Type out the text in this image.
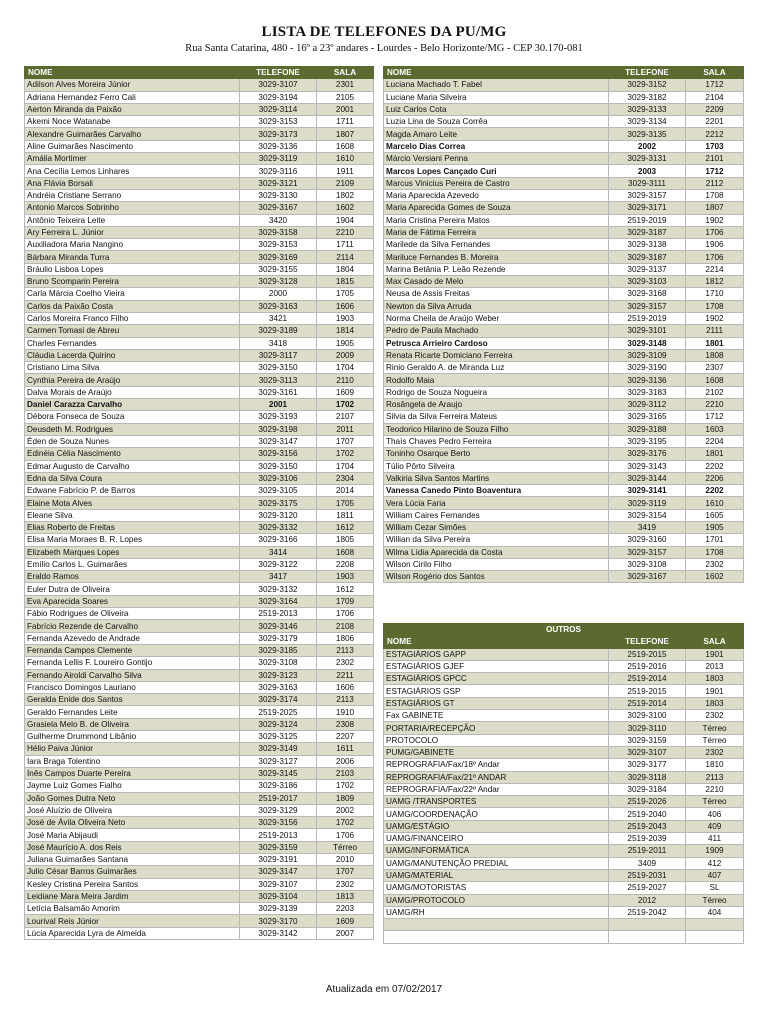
LISTA DE TELEFONES DA PU/MG
Rua Santa Catarina, 480 - 16º a 23º andares - Lourdes - Belo Horizonte/MG - CEP 30.170-081
NOME	TELEFONE	SALA
Adilson Alves Moreira Júnior	3029-3107	2301
Adriana Hernandez Ferro Cali	3029-3194	2105
Aerton Miranda da Paixão	3029-3114	2001
Akemi Noce Watanabe	3029-3153	1711
Alexandre Guimarães Carvalho	3029-3173	1807
Aline Guimarães Nascimento	3029-3136	1608
Amália Mortimer	3029-3119	1610
Ana Cecília Lemos Linhares	3029-3116	1911
Ana Flávia Borsali	3029-3121	2109
Andréia Cristiane Serrano	3029-3130	1802
Antonio Marcos Sobrinho	3029-3167	1602
Antônio Teixeira Leite	3420	1904
Ary Ferreira L. Júnior	3029-3158	2210
Auxiliadora Maria Nangino	3029-3153	1711
Bárbara Miranda Turra	3029-3169	2114
Bráulio Lisboa Lopes	3029-3155	1804
Bruno Scomparin Pereira	3029-3128	1815
Carla Márcia Coelho Vieira	2000	1705
Carlos da Paixão Costa	3029-3163	1606
Carlos Moreira Franco Filho	3421	1903
Carmen Tomasi de Abreu	3029-3189	1814
Charles Fernandes	3418	1905
Cláudia Lacerda Quirino	3029-3117	2009
Cristiano Lima Silva	3029-3150	1704
Cynthia Pereira de Araújo	3029-3113	2110
Dalva Morais de Araújo	3029-3161	1609
Daniel Carazza Carvalho	2001	1702
Débora Fonseca de Souza	3029-3193	2107
Deusdeth M. Rodrigues	3029-3198	2011
Éden de Souza Nunes	3029-3147	1707
Edinéia Célia Nascimento	3029-3156	1702
Edmar Augusto de Carvalho	3029-3150	1704
Edna da Silva Coura	3029-3106	2304
Edwane Fabrício P. de Barros	3029-3105	2014
Elaine Mota Alves	3029-3175	1705
Eleane Silva	3029-3120	1811
Elias Roberto de Freitas	3029-3132	1612
Elisa Maria Moraes B. R. Lopes	3029-3166	1805
Elizabeth Marques Lopes	3414	1608
Emílio Carlos L. Guimarães	3029-3122	2208
Eraldo Ramos	3417	1903
Euler Dutra de Oliveira	3029-3132	1612
Eva Aparecida Soares	3029-3164	1709
Fábio Rodrigues de Oliveira	2519-2013	1706
Fabrício Rezende de Carvalho	3029-3146	2108
Fernanda Azevedo de Andrade	3029-3179	1806
Fernanda Campos Clemente	3029-3185	2113
Fernanda Lellis F. Loureiro Gontijo	3029-3108	2302
Fernando Airoldi Carvalho Silva	3029-3123	2211
Francisco Domingos Lauriano	3029-3163	1606
Geralda Enide dos Santos	3029-3174	2113
Geraldo Fernandes Leite	2519-2025	1910
Grasiela Melo B. de Oliveira	3029-3124	2308
Guilherme Drummond Libânio	3029-3125	2207
Hélio Paiva Júnior	3029-3149	1611
Iara Braga Tolentino	3029-3127	2006
Inês Campos Duarte Pereira	3029-3145	2103
Jayme Luiz Gomes Fialho	3029-3186	1702
João Gomes Dutra Neto	2519-2017	1809
José Aluízio de Oliveira	3029-3129	2002
José de Ávila Oliveira Neto	3029-3156	1702
José Maria Abijaudi	2519-2013	1706
José Maurício A. dos Reis	3029-3159	Térreo
Juliana Guimarães Santana	3029-3191	2010
Julio César Barros Guimarães	3029-3147	1707
Kesley Cristina Pereira Santos	3029-3107	2302
Leidiane Mara Meira Jardim	3029-3104	1813
Letícia Balsamão Amorim	3029-3139	2203
Lourival Reis Júnior	3029-3170	1609
Lúcia Aparecida Lyra de Almeida	3029-3142	2007
NOME	TELEFONE	SALA
Luciana Machado T. Fabel	3029-3152	1712
Luciane Maria Silveira	3029-3182	2104
Luiz Carlos Cota	3029-3133	2209
Luzia Lina de Souza Corrêa	3029-3134	2201
Magda Amaro Leite	3029-3135	2212
Marcelo Dias Correa	2002	1703
Márcio Versiani Penna	3029-3131	2101
Marcos Lopes Cançado Curi	2003	1712
Marcus Vinicius Pereira de Castro	3029-3111	2112
Maria Aparecida Azevedo	3029-3157	1708
Maria Aparecida Gomes de Souza	3029-3171	1807
Maria Cristina Pereira Matos	2519-2019	1902
Maria de Fátima Ferreira	3029-3187	1706
Marilede da Silva Fernandes	3029-3138	1906
Mariluce Fernandes B. Moreira	3029-3187	1706
Marina Betânia P. Leão Rezende	3029-3137	2214
Max Casado de Melo	3029-3103	1812
Neusa de Assis Freitas	3029-3168	1710
Newton da Silva Arruda	3029-3157	1708
Norma Cheila de Araújo Weber	2519-2019	1902
Pedro de Paula Machado	3029-3101	2111
Petrusca Arrieiro Cardoso	3029-3148	1801
Renata Ricarte Domiciano Ferreira	3029-3109	1808
Rinio Geraldo A. de Miranda Luz	3029-3190	2307
Rodolfo Maia	3029-3136	1608
Rodrigo de Souza Nogueira	3029-3183	2102
Rosângela de Araujo	3029-3112	2210
Silvia da Silva Ferreira Mateus	3029-3165	1712
Teodorico Hilarino de Souza Filho	3029-3188	1603
Thaís Chaves Pedro Ferreira	3029-3195	2204
Toninho Osarque Berto	3029-3176	1801
Túlio Pôrto Silveira	3029-3143	2202
Valkiria Silva Santos Martins	3029-3144	2206
Vanessa Canedo Pinto Boaventura	3029-3141	2202
Vera Lúcia Faria	3029-3119	1610
William Caires Fernandes	3029-3154	1605
William Cezar Simões	3419	1905
Willian da Silva Pereira	3029-3160	1701
Wilma Lídia Aparecida da Costa	3029-3157	1708
Wilson Cirilo Filho	3029-3108	2302
Wilson Rogério dos Santos	3029-3167	1602
OUTROS		
NOME	TELEFONE	SALA
ESTAGIÁRIOS GAPP	2519-2015	1901
ESTAGIÁRIOS GJEF	2519-2016	2013
ESTAGIÁRIOS GPCC	2519-2014	1803
ESTAGIÁRIOS GSP	2519-2015	1901
ESTAGIÁRIOS GT	2519-2014	1803
Fax GABINETE	3029-3100	2302
PORTARIA/RECEPÇÃO	3029-3110	Térreo
PROTOCOLO	3029-3159	Térreo
PUMG/GABINETE	3029-3107	2302
REPROGRAFIA/Fax/18º Andar	3029-3177	1810
REPROGRAFIA/Fax/21º ANDAR	3029-3118	2113
REPROGRAFIA/Fax/22º Andar	3029-3184	2210
UAMG /TRANSPORTES	2519-2026	Térreo
UAMG/COORDENAÇÃO	2519-2040	406
UAMG/ESTÁGIO	2519-2043	409
UAMG/FINANCEIRO	2519-2039	411
UAMG/INFORMÁTICA	2519-2011	1909
UAMG/MANUTENÇÃO PREDIAL	3409	412
UAMG/MATERIAL	2519-2031	407
UAMG/MOTORISTAS	2519-2027	SL
UAMG/PROTOCOLO	2012	Térreo
UAMG/RH	2519-2042	404

Atualizada em 07/02/2017
